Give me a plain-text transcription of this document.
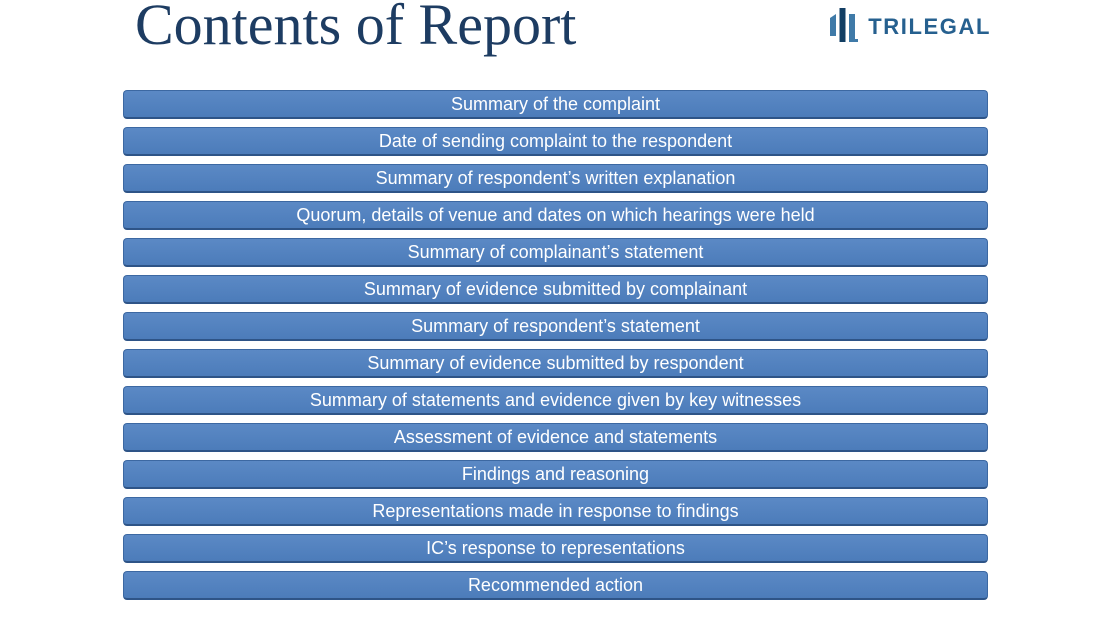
Contents of Report	TRILEGAL
Summary of the complaint
Date of sending complaint to the respondent
Summary of respondent’s written explanation
Quorum, details of venue and dates on which hearings were held
Summary of complainant’s statement
Summary of evidence submitted by complainant
Summary of respondent’s statement
Summary of evidence submitted by respondent
Summary of statements and evidence given by key witnesses
Assessment of evidence and statements
Findings and reasoning
Representations made in response to findings
IC’s response to representations
Recommended action
